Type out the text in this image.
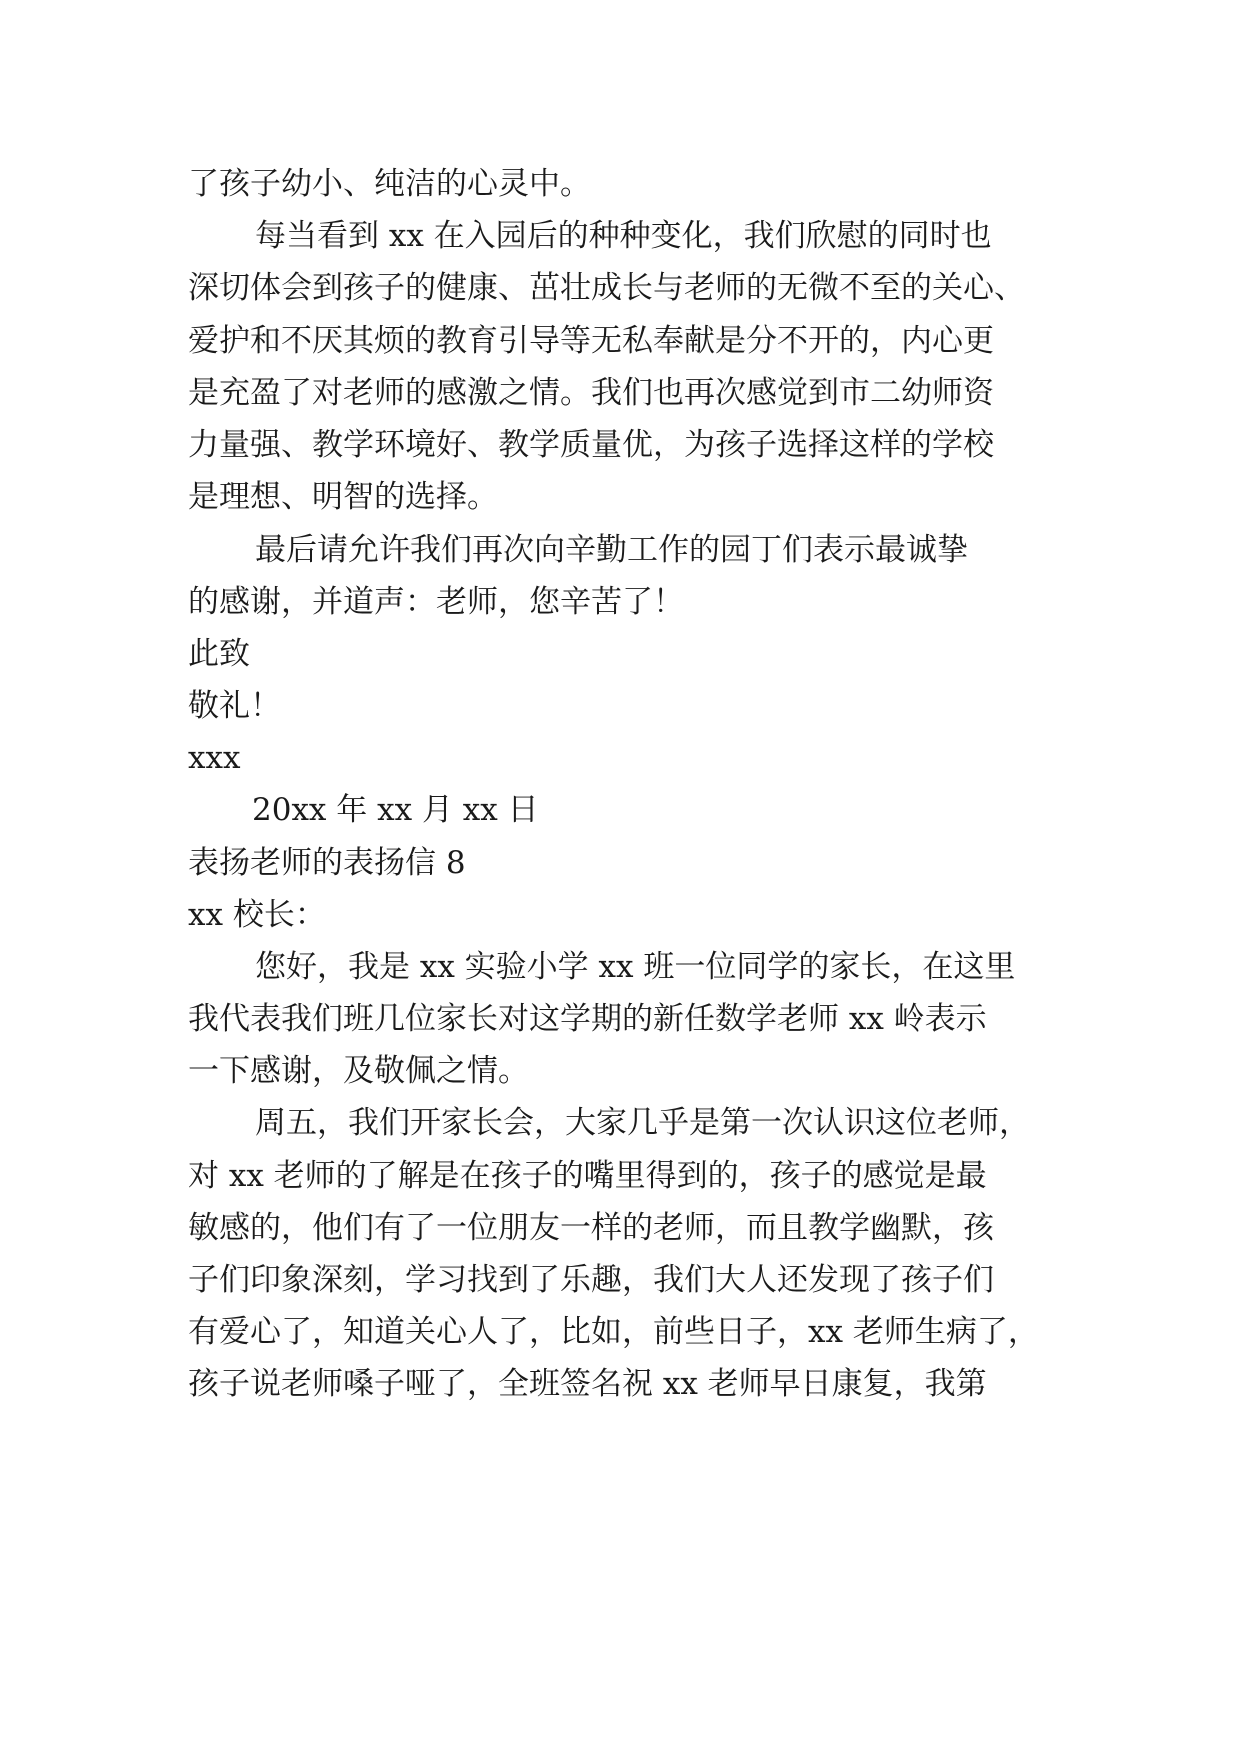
了孩子幼小、纯洁的心灵中。
每当看到 xx 在入园后的种种变化，我们欣慰的同时也
深切体会到孩子的健康、茁壮成长与老师的无微不至的关心、
爱护和不厌其烦的教育引导等无私奉献是分不开的，内心更
是充盈了对老师的感激之情。我们也再次感觉到市二幼师资
力量强、教学环境好、教学质量优，为孩子选择这样的学校
是理想、明智的选择。
最后请允许我们再次向辛勤工作的园丁们表示最诚挚
的感谢，并道声：老师，您辛苦了！
此致
敬礼！
xxx
20xx 年 xx 月 xx 日
表扬老师的表扬信 8
xx 校长：
您好，我是 xx 实验小学 xx 班一位同学的家长，在这里
我代表我们班几位家长对这学期的新任数学老师 xx 岭表示
一下感谢，及敬佩之情。
周五，我们开家长会，大家几乎是第一次认识这位老师，
对 xx 老师的了解是在孩子的嘴里得到的，孩子的感觉是最
敏感的，他们有了一位朋友一样的老师，而且教学幽默，孩
子们印象深刻，学习找到了乐趣，我们大人还发现了孩子们
有爱心了，知道关心人了，比如，前些日子，xx 老师生病了，
孩子说老师嗓子哑了，全班签名祝 xx 老师早日康复，我第
